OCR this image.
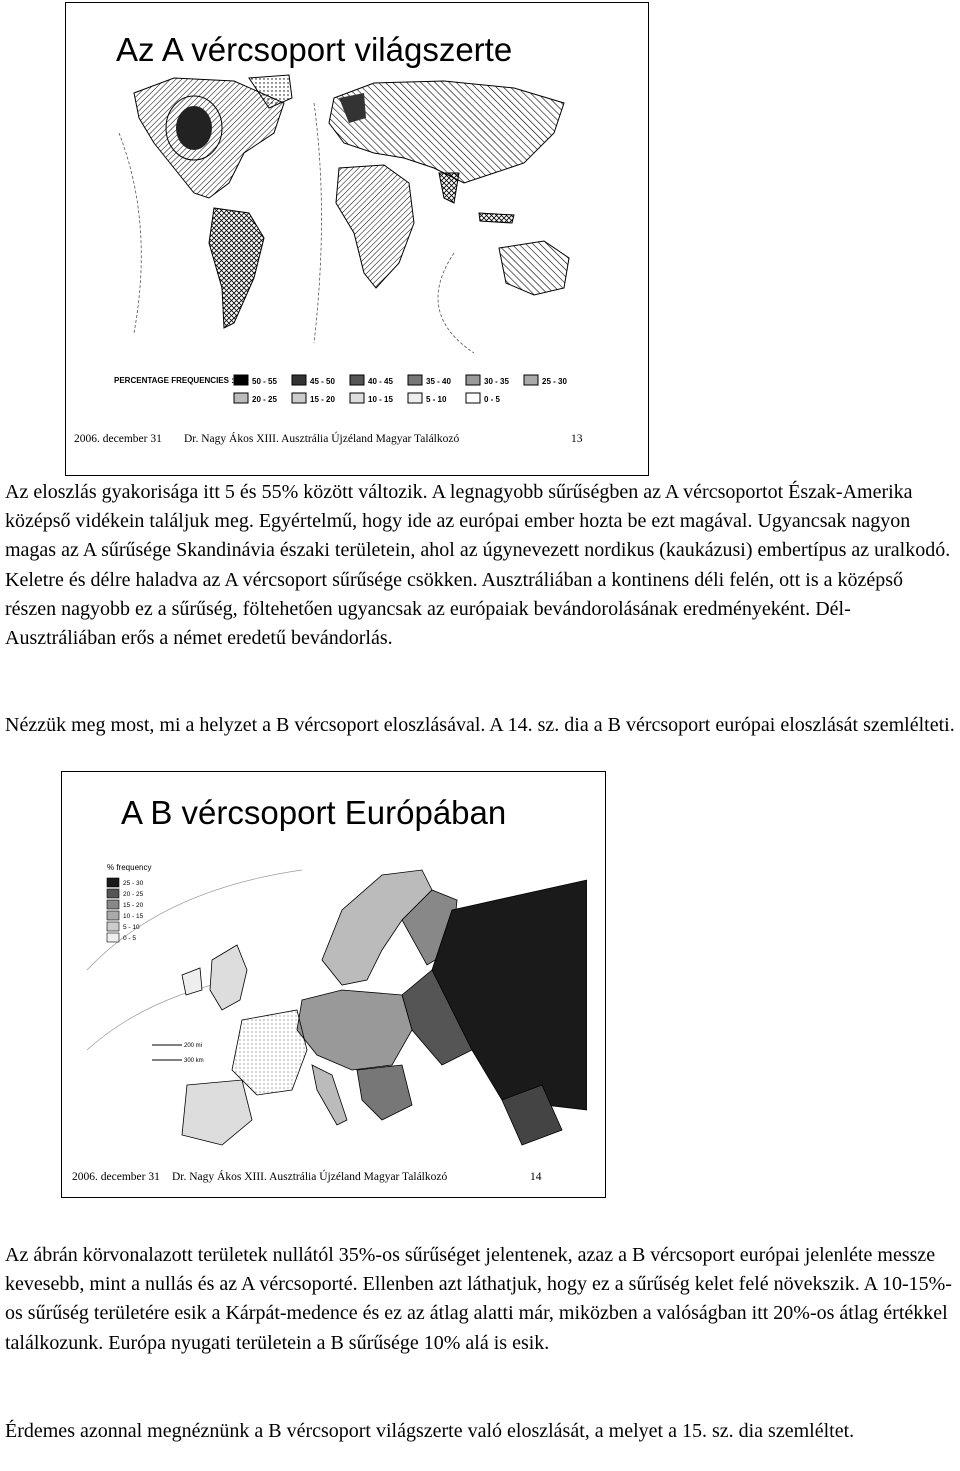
Az A vércsoport világszerte
PERCENTAGE FREQUENCIES : 50 - 55	45 - 50	40 - 45	35 - 40	30 - 35	25 - 30
20 - 25	15 - 20	10 - 15	5 - 10	0 - 5
2006. december 31 Dr. Nagy Ákos XIII. Ausztrália Újzéland Magyar Találkozó	13

Az eloszlás gyakorisága itt 5 és 55% között változik. A legnagyobb sűrűségben az A vércsoportot Észak-Amerika középső vidékein találjuk meg. Egyértelmű, hogy ide az európai ember hozta be ezt magával. Ugyancsak nagyon magas az A sűrűsége Skandinávia északi területein, ahol az úgynevezett nordikus (kaukázusi) embertípus az uralkodó. Keletre és délre haladva az A vércsoport sűrűsége csökken. Ausztráliában a kontinens déli felén, ott is a középső részen nagyobb ez a sűrűség, föltehetően ugyancsak az európaiak bevándorolásának eredményeként. Dél-Ausztráliában erős a német eredetű bevándorlás.

Nézzük meg most, mi a helyzet a B vércsoport eloszlásával. A 14. sz. dia a B vércsoport európai eloszlását szemlélteti.

A B vércsoport Európában
% frequency
25 - 30
20 - 25
15 - 20
10 - 15
5 - 10
0 - 5
200 mi
300 km
2006. december 31 Dr. Nagy Ákos XIII. Ausztrália Újzéland Magyar Találkozó	14

Az ábrán körvonalazott területek nullától 35%-os sűrűséget jelentenek, azaz a B vércsoport európai jelenléte messze kevesebb, mint a nullás és az A vércsoporté. Ellenben azt láthatjuk, hogy ez a sűrűség kelet felé növekszik. A 10-15%-os sűrűség területére esik a Kárpát-medence és ez az átlag alatti már, miközben a valóságban itt 20%-os átlag értékkel találkozunk. Európa nyugati területein a B sűrűsége 10% alá is esik.

Érdemes azonnal megnéznünk a B vércsoport világszerte való eloszlását, a melyet a 15. sz. dia szemléltet.
